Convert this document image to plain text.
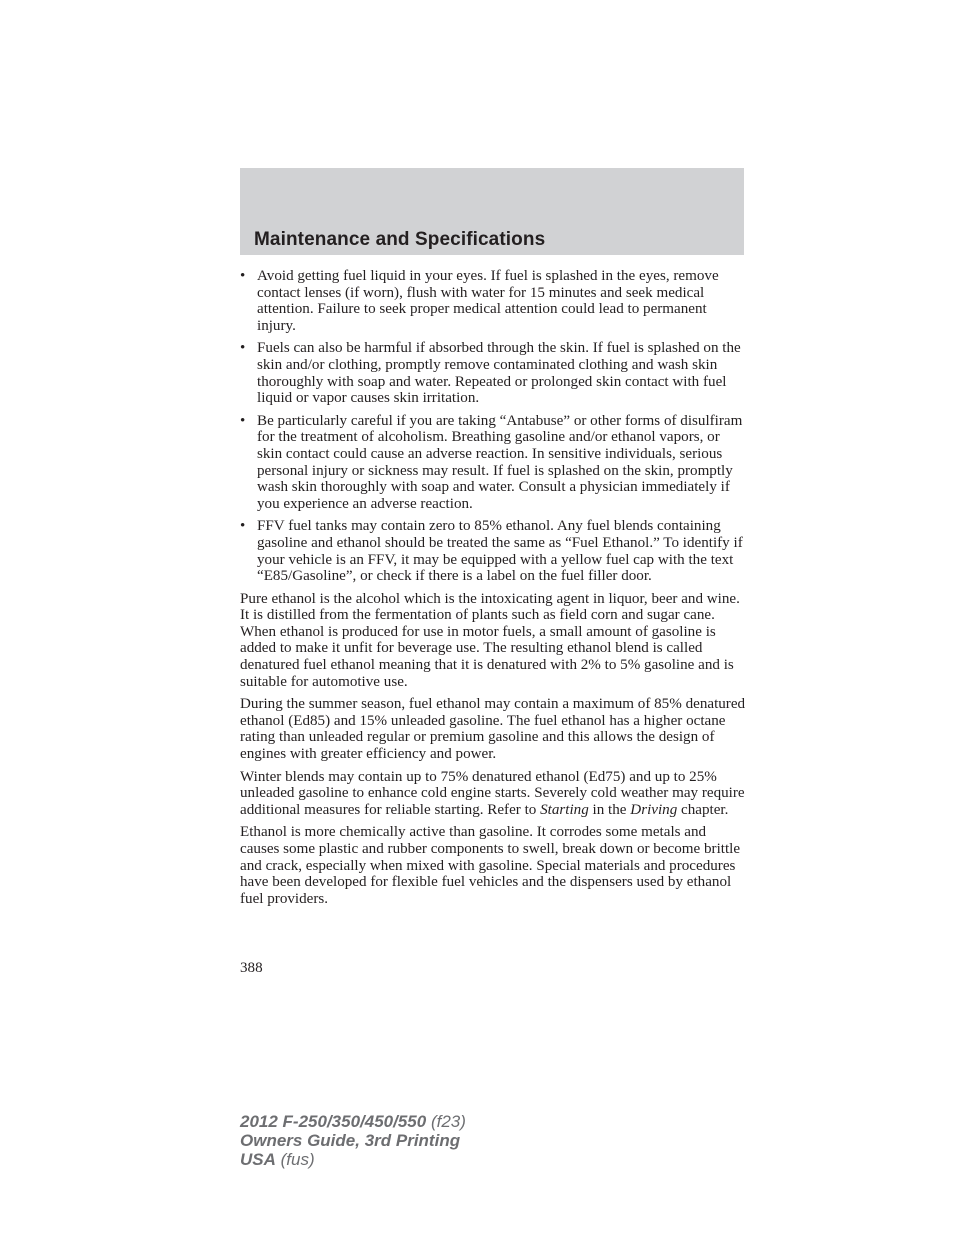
Maintenance and Specifications
• Avoid getting fuel liquid in your eyes. If fuel is splashed in the eyes, remove contact lenses (if worn), flush with water for 15 minutes and seek medical attention. Failure to seek proper medical attention could lead to permanent injury.
• Fuels can also be harmful if absorbed through the skin. If fuel is splashed on the skin and/or clothing, promptly remove contaminated clothing and wash skin thoroughly with soap and water. Repeated or prolonged skin contact with fuel liquid or vapor causes skin irritation.
• Be particularly careful if you are taking “Antabuse” or other forms of disulfiram for the treatment of alcoholism. Breathing gasoline and/or ethanol vapors, or skin contact could cause an adverse reaction. In sensitive individuals, serious personal injury or sickness may result. If fuel is splashed on the skin, promptly wash skin thoroughly with soap and water. Consult a physician immediately if you experience an adverse reaction.
• FFV fuel tanks may contain zero to 85% ethanol. Any fuel blends containing gasoline and ethanol should be treated the same as “Fuel Ethanol.” To identify if your vehicle is an FFV, it may be equipped with a yellow fuel cap with the text “E85/Gasoline”, or check if there is a label on the fuel filler door.

Pure ethanol is the alcohol which is the intoxicating agent in liquor, beer and wine. It is distilled from the fermentation of plants such as field corn and sugar cane. When ethanol is produced for use in motor fuels, a small amount of gasoline is added to make it unfit for beverage use. The resulting ethanol blend is called denatured fuel ethanol meaning that it is denatured with 2% to 5% gasoline and is suitable for automotive use.

During the summer season, fuel ethanol may contain a maximum of 85% denatured ethanol (Ed85) and 15% unleaded gasoline. The fuel ethanol has a higher octane rating than unleaded regular or premium gasoline and this allows the design of engines with greater efficiency and power.

Winter blends may contain up to 75% denatured ethanol (Ed75) and up to 25% unleaded gasoline to enhance cold engine starts. Severely cold weather may require additional measures for reliable starting. Refer to Starting in the Driving chapter.

Ethanol is more chemically active than gasoline. It corrodes some metals and causes some plastic and rubber components to swell, break down or become brittle and crack, especially when mixed with gasoline. Special materials and procedures have been developed for flexible fuel vehicles and the dispensers used by ethanol fuel providers.

388
2012 F-250/350/450/550 (f23)
Owners Guide, 3rd Printing
USA (fus)
